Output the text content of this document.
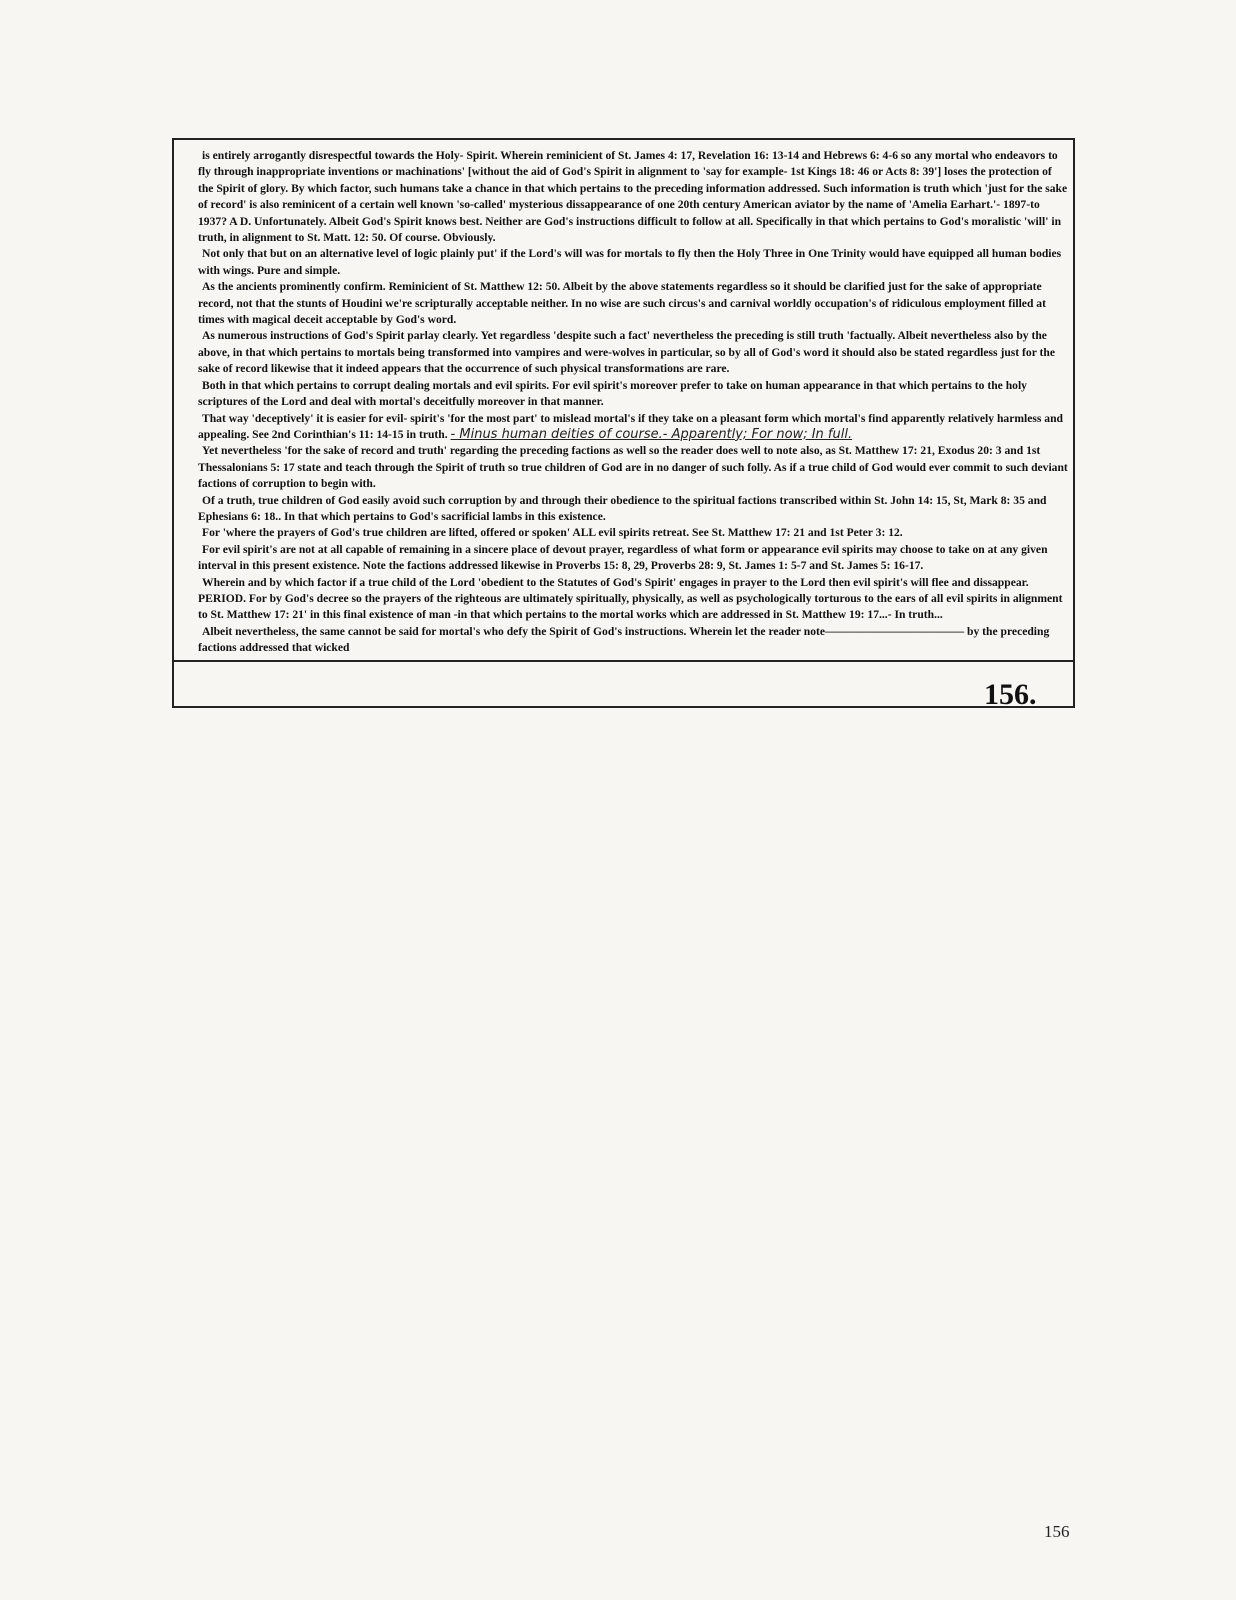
is entirely arrogantly disrespectful towards the Holy- Spirit. Wherein reminicient of St. James 4: 17, Revelation 16: 13-14 and Hebrews 6: 4-6 so any mortal who endeavors to fly through inappropriate inventions or machinations' [without the aid of God's Spirit in alignment to 'say for example- 1st Kings 18: 46 or Acts 8: 39'] loses the protection of the Spirit of glory. By which factor, such humans take a chance in that which pertains to the preceding information addressed. Such information is truth which 'just for the sake of record' is also reminicent of a certain well known 'so-called' mysterious dissappearance of one 20th century American aviator by the name of 'Amelia Earhart.'- 1897-to 1937? A D. Unfortunately. Albeit God's Spirit knows best. Neither are God's instructions difficult to follow at all. Specifically in that which pertains to God's moralistic 'will' in truth, in alignment to St. Matt. 12: 50. Of course. Obviously.

Not only that but on an alternative level of logic plainly put' if the Lord's will was for mortals to fly then the Holy Three in One Trinity would have equipped all human bodies with wings. Pure and simple.

As the ancients prominently confirm. Reminicient of St. Matthew 12: 50. Albeit by the above statements regardless so it should be clarified just for the sake of appropriate record, not that the stunts of Houdini we're scripturally acceptable neither. In no wise are such circus's and carnival worldly occupation's of ridiculous employment filled at times with magical deceit acceptable by God's word.

As numerous instructions of God's Spirit parlay clearly. Yet regardless 'despite such a fact' nevertheless the preceding is still truth 'factually. Albeit nevertheless also by the above, in that which pertains to mortals being transformed into vampires and were-wolves in particular, so by all of God's word it should also be stated regardless just for the sake of record likewise that it indeed appears that the occurrence of such physical transformations are rare.

Both in that which pertains to corrupt dealing mortals and evil spirits. For evil spirit's moreover prefer to take on human appearance in that which pertains to the holy scriptures of the Lord and deal with mortal's deceitfully moreover in that manner.

That way 'deceptively' it is easier for evil- spirit's 'for the most part' to mislead mortal's if they take on a pleasant form which mortal's find apparently relatively harmless and appealing. See 2nd Corinthian's 11: 14-15 in truth. - Minus human deities of course.- Apparently; For now; In full.

Yet nevertheless 'for the sake of record and truth' regarding the preceding factions as well so the reader does well to note also, as St. Matthew 17: 21, Exodus 20: 3 and 1st Thessalonians 5: 17 state and teach through the Spirit of truth so true children of God are in no danger of such folly. As if a true child of God would ever commit to such deviant factions of corruption to begin with.

Of a truth, true children of God easily avoid such corruption by and through their obedience to the spiritual factions transcribed within St. John 14: 15, St, Mark 8: 35 and Ephesians 6: 18.. In that which pertains to God's sacrificial lambs in this existence.

For 'where the prayers of God's true children are lifted, offered or spoken' ALL evil spirits retreat. See St. Matthew 17: 21 and 1st Peter 3: 12.

For evil spirit's are not at all capable of remaining in a sincere place of devout prayer, regardless of what form or appearance evil spirits may choose to take on at any given interval in this present existence. Note the factions addressed likewise in Proverbs 15: 8, 29, Proverbs 28: 9, St. James 1: 5-7 and St. James 5: 16-17.

Wherein and by which factor if a true child of the Lord 'obedient to the Statutes of God's Spirit' engages in prayer to the Lord then evil spirit's will flee and dissappear. PERIOD. For by God's decree so the prayers of the righteous are ultimately spiritually, physically, as well as psychologically torturous to the ears of all evil spirits in alignment to St. Matthew 17: 21' in this final existence of man -in that which pertains to the mortal works which are addressed in St. Matthew 19: 17...- In truth...

Albeit nevertheless, the same cannot be said for mortal's who defy the Spirit of God's instructions. Wherein let the reader note———————————— by the preceding factions addressed that wicked

156.
156
